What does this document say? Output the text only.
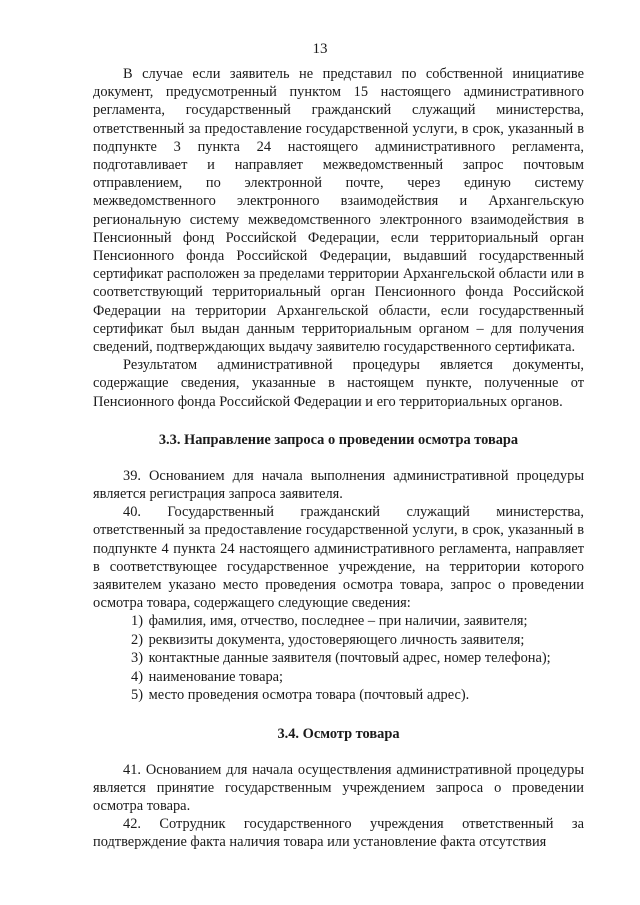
13

В случае если заявитель не представил по собственной инициативе документ, предусмотренный пунктом 15 настоящего административного регламента, государственный гражданский служащий министерства, ответственный за предоставление государственной услуги, в срок, указанный в подпункте 3 пункта 24 настоящего административного регламента, подготавливает и направляет межведомственный запрос почтовым отправлением, по электронной почте, через единую систему межведомственного электронного взаимодействия и Архангельскую региональную систему межведомственного электронного взаимодействия в Пенсионный фонд Российской Федерации, если территориальный орган Пенсионного фонда Российской Федерации, выдавший государственный сертификат расположен за пределами территории Архангельской области или в соответствующий территориальный орган Пенсионного фонда Российской Федерации на территории Архангельской области, если государственный сертификат был выдан данным территориальным органом – для получения сведений, подтверждающих выдачу заявителю государственного сертификата.

Результатом административной процедуры является документы, содержащие сведения, указанные в настоящем пункте, полученные от Пенсионного фонда Российской Федерации и его территориальных органов.

3.3. Направление запроса о проведении осмотра товара

39. Основанием для начала выполнения административной процедуры является регистрация запроса заявителя.

40. Государственный гражданский служащий министерства, ответственный за предоставление государственной услуги, в срок, указанный в подпункте 4 пункта 24 настоящего административного регламента, направляет в соответствующее государственное учреждение, на территории которого заявителем указано место проведения осмотра товара, запрос о проведении осмотра товара, содержащего следующие сведения:

1) фамилия, имя, отчество, последнее – при наличии, заявителя;
2) реквизиты документа, удостоверяющего личность заявителя;
3) контактные данные заявителя (почтовый адрес, номер телефона);
4) наименование товара;
5) место проведения осмотра товара (почтовый адрес).

3.4. Осмотр товара

41. Основанием для начала осуществления административной процедуры является принятие государственным учреждением запроса о проведении осмотра товара.

42. Сотрудник государственного учреждения ответственный за подтверждение факта наличия товара или установление факта отсутствия
